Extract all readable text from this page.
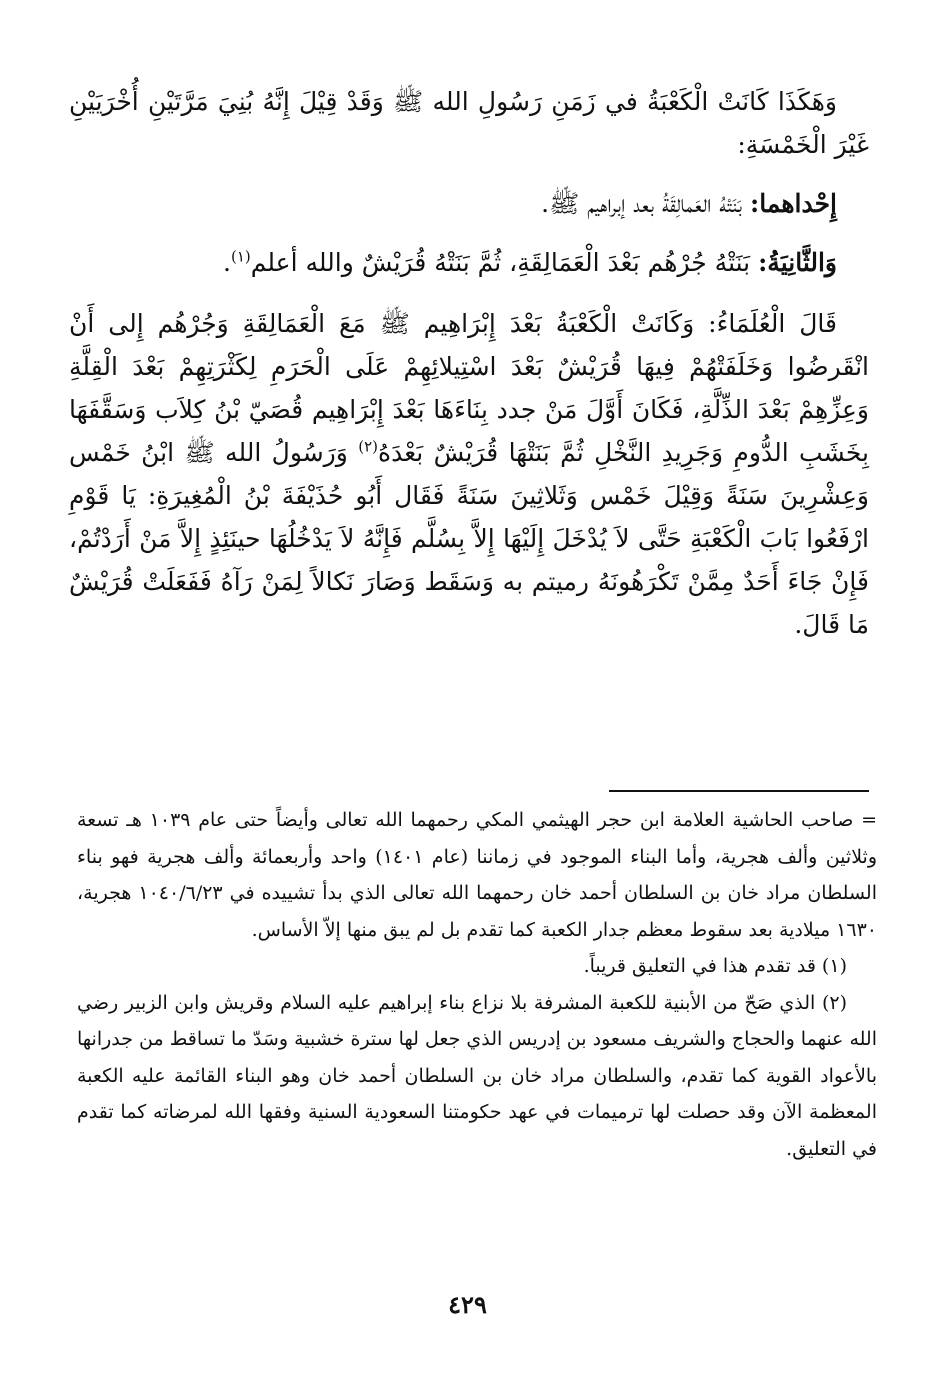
وَهَكَذَا كَانَتْ الْكَعْبَةُ في زَمَنِ رَسُولِ الله ﷺ وَقَدْ قِيْلَ إِنَّهُ بُنِيَ مَرَّتَيْنِ أُخْرَيَيْنِ غَيْرَ الْخَمْسَةِ:

إِحْداهما: بَنَتْهُ العَمالِقَةُ بعد إبراهيم ﷺ.

وَالثَّانِيَةُ: بَنَتْهُ جُرْهُم بَعْدَ الْعَمَالِقَةِ، ثُمَّ بَنَتْهُ قُرَيْشٌ والله أعلم$^{(١)}$.

قَالَ الْعُلَمَاءُ: وَكَانَتْ الْكَعْبَةُ بَعْدَ إِبْرَاهِيم ﷺ مَعَ الْعَمَالِقَةِ وَجُرْهُم إِلى أَنْ انْقَرضُوا وَخَلَفَتْهُمْ فِيهَا قُرَيْشٌ بَعْدَ اسْتِيلائِهِمْ عَلَى الْحَرَمِ لِكَثْرَتِهِمْ بَعْدَ الْقِلَّةِ وَعِزِّهِمْ بَعْدَ الذِّلَّةِ، فَكَانَ أَوَّلَ مَنْ جدد بِنَاءَهَا بَعْدَ إِبْرَاهِيم قُصَيّ بْنُ كِلاَب وَسَقَّفَهَا بِخَشَبِ الدُّومِ وَجَرِيدِ النَّخْلِ ثُمَّ بَنَتْهَا قُرَيْشٌ بَعْدَهُ$^{(٢)}$ وَرَسُولُ الله ﷺ ابْنُ خَمْس وَعِشْرِينَ سَنَةً وَقِيْلَ خَمْس وَثَلاثِينَ سَنَةً فَقَال أَبُو حُذَيْفَةَ بْنُ الْمُغِيرَةِ: يَا قَوْمِ ارْفَعُوا بَابَ الْكَعْبَةِ حَتَّى لاَ يُدْخَلَ إِلَيْهَا إِلاَّ بِسُلَّم فَإِنَّهُ لاَ يَدْخُلُهَا حينَئِذٍ إِلاَّ مَنْ أَرَدْتُمْ، فَإِنْ جَاءَ أَحَدٌ مِمَّنْ تَكْرَهُونَهُ رميتم به وَسَقَط وَصَارَ نَكالاً لِمَنْ رَآهُ فَفَعَلَتْ قُرَيْشٌ مَا قَالَ.

= صاحب الحاشية العلامة ابن حجر الهيثمي المكي رحمهما الله تعالى وأيضاً حتى عام ١٠٣٩ هـ تسعة وثلاثين وألف هجرية، وأما البناء الموجود في زماننا (عام ١٤٠١) واحد وأربعمائة وألف هجرية فهو بناء السلطان مراد خان بن السلطان أحمد خان رحمهما الله تعالى الذي بدأ تشييده في ١٠٤٠/٦/٢٣ هجرية، ١٦٣٠ ميلادية بعد سقوط معظم جدار الكعبة كما تقدم بل لم يبق منها إلاّ الأساس.

(١) قد تقدم هذا في التعليق قريباً.

(٢) الذي صَحّ من الأبنية للكعبة المشرفة بلا نزاع بناء إبراهيم عليه السلام وقريش وابن الزبير رضي الله عنهما والحجاج والشريف مسعود بن إدريس الذي جعل لها سترة خشبية وسَدّ ما تساقط من جدرانها بالأعواد القوية كما تقدم، والسلطان مراد خان بن السلطان أحمد خان وهو البناء القائمة عليه الكعبة المعظمة الآن وقد حصلت لها ترميمات في عهد حكومتنا السعودية السنية وفقها الله لمرضاته كما تقدم في التعليق.

٤٢٩
